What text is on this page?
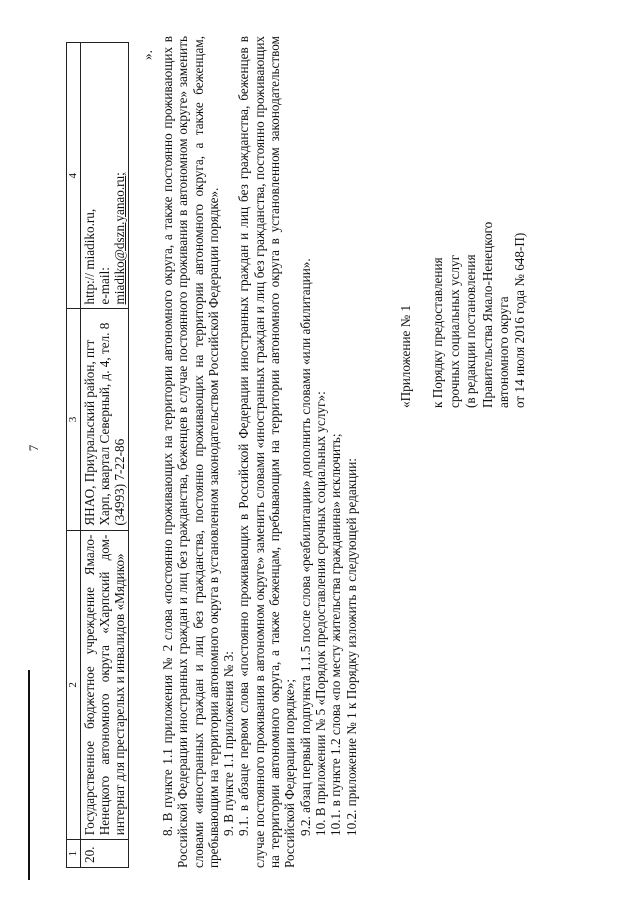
7
1	2	3	4
20.	Государственное бюджетное учреждение Ямало-Ненецкого автономного округа «Харпский дом-интернат для престарелых и инвалидов «Мядико»	ЯНАО, Приуральский район, пгт Харп, квартал Северный, д. 4, тел. 8 (34993) 7-22-86	http:// miadiko.ru, e-mail: miadiko@dszn.yanao.ru;
». 8. В пункте 1.1 приложения № 2 слова «постоянно проживающих на территории автономного округа, а также постоянно проживающих в Российской Федерации иностранных граждан и лиц без гражданства, беженцев в случае постоянного проживания в автономном округе» заменить словами «иностранных граждан и лиц без гражданства, постоянно проживающих на территории автономного округа, а также беженцам, пребывающим на территории автономного округа в установленном законодательством Российской Федерации порядке». 9. В пункте 1.1 приложения № 3: 9.1. в абзаце первом слова «постоянно проживающих в Российской Федерации иностранных граждан и лиц без гражданства, беженцев в случае постоянного проживания в автономном округе» заменить словами «иностранных граждан и лиц без гражданства, постоянно проживающих на территории автономного округа, а также беженцам, пребывающим на территории автономного округа в установленном законодательством Российской Федерации порядке»; 9.2. абзац первый подпункта 1.1.5 после слова «реабилитации» дополнить словами «или абилитации». 10. В приложении № 5 «Порядок предоставления срочных социальных услуг»: 10.1. в пункте 1.2 слова «по месту жительства гражданина» исключить; 10.2. приложение № 1 к Порядку изложить в следующей редакции:

«Приложение № 1 к Порядку предоставления срочных социальных услуг (в редакции постановления Правительства Ямало-Ненецкого автономного округа от 14 июля 2016 года № 648-П)
